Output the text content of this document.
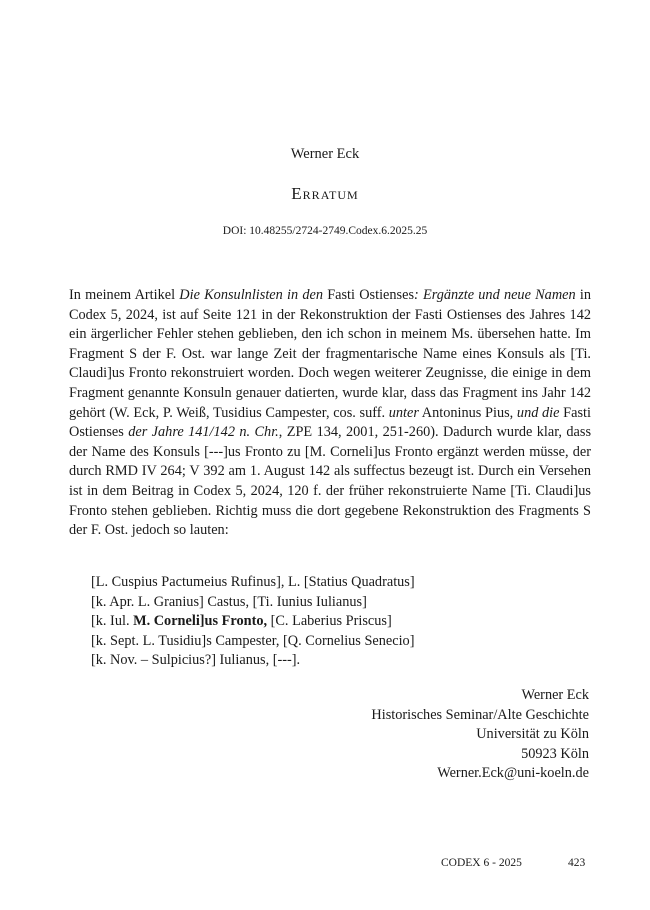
Werner Eck
Erratum
DOI: 10.48255/2724-2749.Codex.6.2025.25
In meinem Artikel Die Konsulnlisten in den Fasti Ostienses: Ergänzte und neue Namen in Codex 5, 2024, ist auf Seite 121 in der Rekonstruktion der Fasti Ostienses des Jahres 142 ein ärgerlicher Fehler stehen geblieben, den ich schon in meinem Ms. übersehen hatte. Im Fragment S der F. Ost. war lange Zeit der fragmentarische Name eines Konsuls als [Ti. Claudi]us Fronto rekonstruiert worden. Doch wegen weiterer Zeugnisse, die einige in dem Fragment genannte Konsuln genauer datierten, wurde klar, dass das Fragment ins Jahr 142 gehört (W. Eck, P. Weiß, Tusidius Campester, cos. suff. unter Antoninus Pius, und die Fasti Ostienses der Jahre 141/142 n. Chr., ZPE 134, 2001, 251-260). Dadurch wurde klar, dass der Name des Konsuls [---]us Fronto zu [M. Corneli]us Fronto ergänzt werden müsse, der durch RMD IV 264; V 392 am 1. August 142 als suffectus bezeugt ist. Durch ein Versehen ist in dem Beitrag in Codex 5, 2024, 120 f. der früher rekonstruierte Name [Ti. Claudi]us Fronto stehen geblieben. Richtig muss die dort gegebene Rekonstruktion des Fragments S der F. Ost. jedoch so lauten:
[L. Cuspius Pactumeius Rufinus], L. [Statius Quadratus]
[k. Apr. L. Granius] Castus, [Ti. Iunius Iulianus]
[k. Iul. M. Corneli]us Fronto, [C. Laberius Priscus]
[k. Sept. L. Tusidiu]s Campester, [Q. Cornelius Senecio]
[k. Nov. – Sulpicius?] Iulianus, [---].
Werner Eck
Historisches Seminar/Alte Geschichte
Universität zu Köln
50923 Köln
Werner.Eck@uni-koeln.de
CODEX 6 - 2025	423
